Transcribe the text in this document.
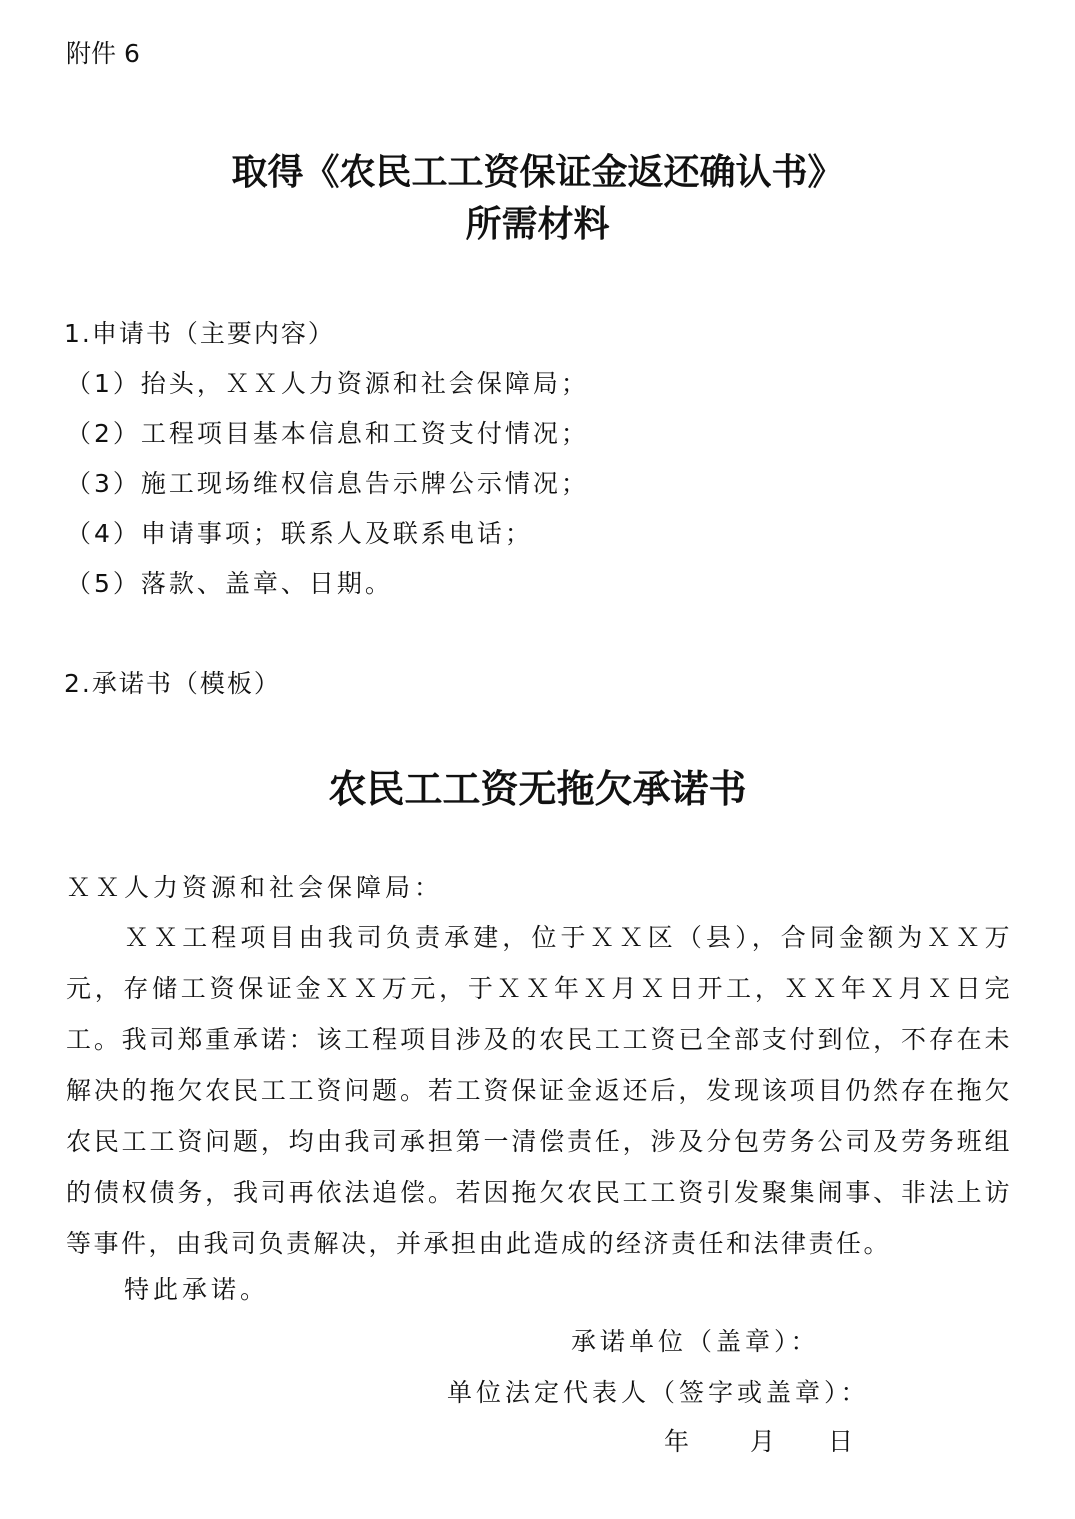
附件 6
取得《农民工工资保证金返还确认书》
所需材料
1.申请书（主要内容）
（1）抬头，ＸＸ人力资源和社会保障局；
（2）工程项目基本信息和工资支付情况；
（3）施工现场维权信息告示牌公示情况；
（4）申请事项；联系人及联系电话；
（5）落款、盖章、日期。
2.承诺书（模板）
农民工工资无拖欠承诺书
ＸＸ人力资源和社会保障局：
ＸＸ工程项目由我司负责承建，位于ＸＸ区（县），合同金额为ＸＸ万元，存储工资保证金ＸＸ万元，于ＸＸ年Ｘ月Ｘ日开工，ＸＸ年Ｘ月Ｘ日完工。我司郑重承诺：该工程项目涉及的农民工工资已全部支付到位，不存在未解决的拖欠农民工工资问题。若工资保证金返还后，发现该项目仍然存在拖欠农民工工资问题，均由我司承担第一清偿责任，涉及分包劳务公司及劳务班组的债权债务，我司再依法追偿。若因拖欠农民工工资引发聚集闹事、非法上访等事件，由我司负责解决，并承担由此造成的经济责任和法律责任。
特此承诺。
承诺单位（盖章）：
单位法定代表人（签字或盖章）：
年 月 日
